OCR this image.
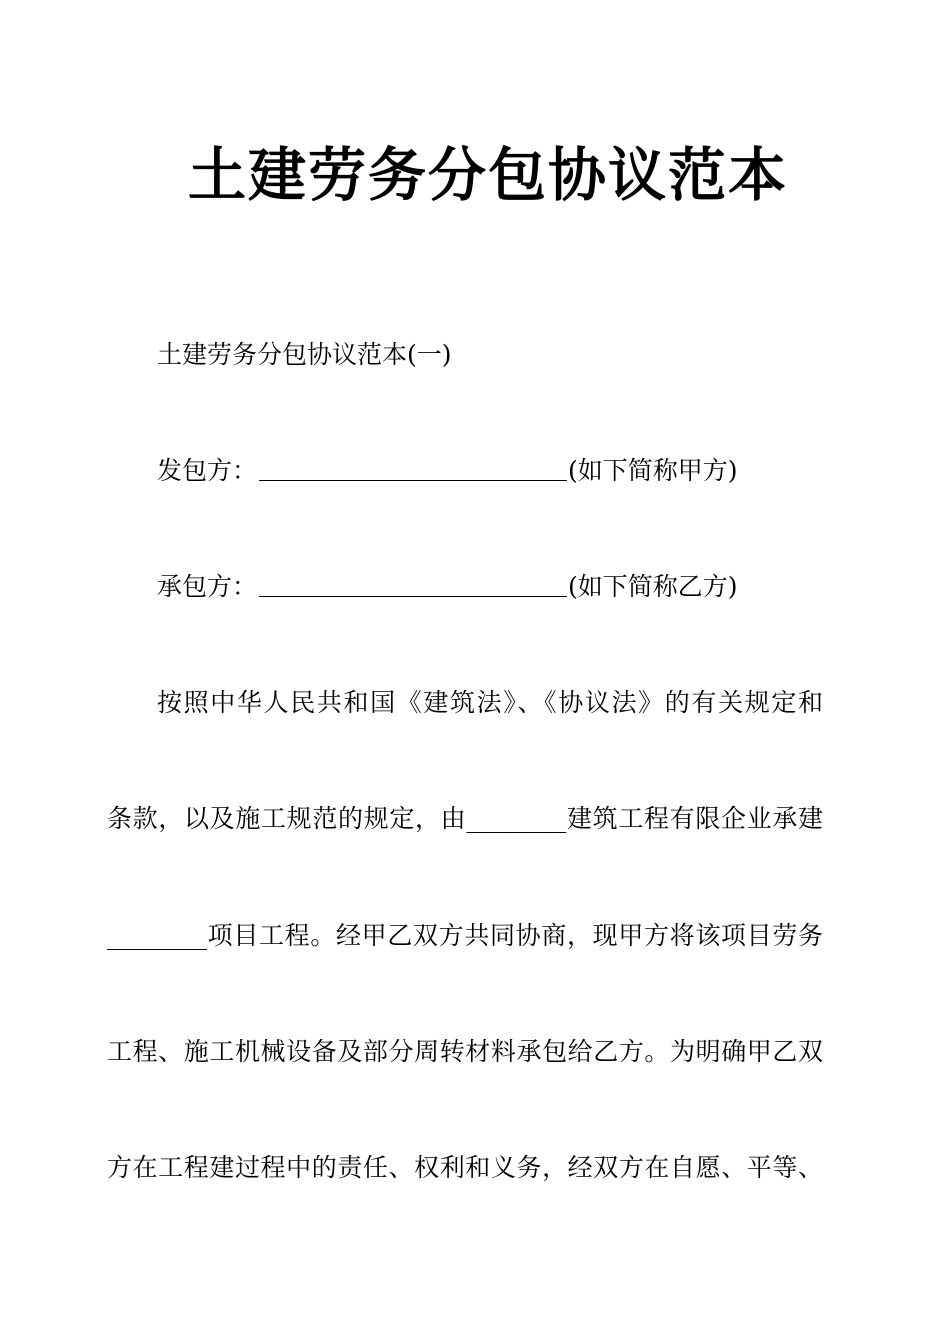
土建劳务分包协议范本
土建劳务分包协议范本(一)
发包方：	(如下简称甲方)
承包方：	(如下简称乙方)
按照中华人民共和国《建筑法》、《协议法》的有关规定和
条款，以及施工规范的规定，由________建筑工程有限企业承建
________项目工程。经甲乙双方共同协商，现甲方将该项目劳务
工程、施工机械设备及部分周转材料承包给乙方。为明确甲乙双
方在工程建过程中的责任、权利和义务，经双方在自愿、平等、
